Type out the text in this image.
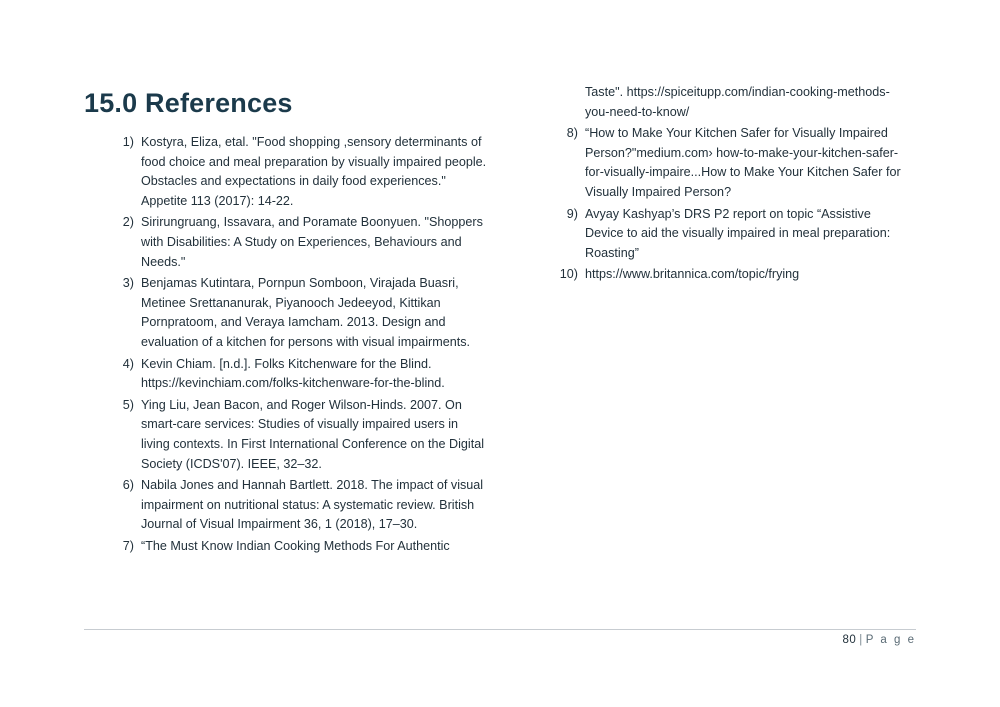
15.0 References
1) Kostyra, Eliza, etal. "Food shopping ,sensory determinants of food choice and meal preparation by visually impaired people. Obstacles and expectations in daily food experiences." Appetite 113 (2017): 14-22.
2) Sirirungruang, Issavara, and Poramate Boonyuen. "Shoppers with Disabilities: A Study on Experiences, Behaviours and Needs."
3) Benjamas Kutintara, Pornpun Somboon, Virajada Buasri, Metinee Srettananurak, Piyanooch Jedeeyod, Kittikan Pornpratoom, and Veraya Iamcham. 2013. Design and evaluation of a kitchen for persons with visual impairments.
4) Kevin Chiam. [n.d.]. Folks Kitchenware for the Blind. https://kevinchiam.com/folks-kitchenware-for-the-blind.
5) Ying Liu, Jean Bacon, and Roger Wilson-Hinds. 2007. On smart-care services: Studies of visually impaired users in living contexts. In First International Conference on the Digital Society (ICDS'07). IEEE, 32–32.
6) Nabila Jones and Hannah Bartlett. 2018. The impact of visual impairment on nutritional status: A systematic review. British Journal of Visual Impairment 36, 1 (2018), 17–30.
7) “The Must Know Indian Cooking Methods For Authentic
Taste". https://spiceitupp.com/indian-cooking-methods-you-need-to-know/
8) “How to Make Your Kitchen Safer for Visually Impaired Person?"medium.com› how-to-make-your-kitchen-safer-for-visually-impaire...How to Make Your Kitchen Safer for Visually Impaired Person?
9) Avyay Kashyap’s DRS P2 report on topic “Assistive Device to aid the visually impaired in meal preparation: Roasting”
10) https://www.britannica.com/topic/frying
80 | P a g e
